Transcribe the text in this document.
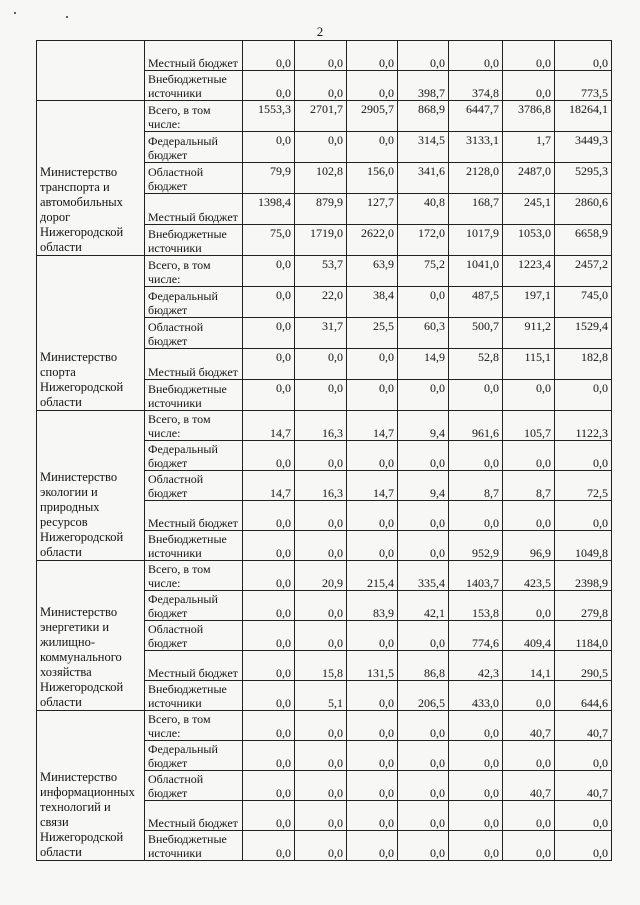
2
	Местный бюджет	0,0	0,0	0,0	0,0	0,0	0,0	0,0
	Внебюджетные источники	0,0	0,0	0,0	398,7	374,8	0,0	773,5
Министерство транспорта и автомобильных дорог Нижегородской области	Всего, в том числе:	1553,3	2701,7	2905,7	868,9	6447,7	3786,8	18264,1
	Федеральный бюджет	0,0	0,0	0,0	314,5	3133,1	1,7	3449,3
	Областной бюджет	79,9	102,8	156,0	341,6	2128,0	2487,0	5295,3
	Местный бюджет	1398,4	879,9	127,7	40,8	168,7	245,1	2860,6
	Внебюджетные источники	75,0	1719,0	2622,0	172,0	1017,9	1053,0	6658,9
Министерство спорта Нижегородской области	Всего, в том числе:	0,0	53,7	63,9	75,2	1041,0	1223,4	2457,2
	Федеральный бюджет	0,0	22,0	38,4	0,0	487,5	197,1	745,0
	Областной бюджет	0,0	31,7	25,5	60,3	500,7	911,2	1529,4
	Местный бюджет	0,0	0,0	0,0	14,9	52,8	115,1	182,8
	Внебюджетные источники	0,0	0,0	0,0	0,0	0,0	0,0	0,0
Министерство экологии и природных ресурсов Нижегородской области	Всего, в том числе:	14,7	16,3	14,7	9,4	961,6	105,7	1122,3
	Федеральный бюджет	0,0	0,0	0,0	0,0	0,0	0,0	0,0
	Областной бюджет	14,7	16,3	14,7	9,4	8,7	8,7	72,5
	Местный бюджет	0,0	0,0	0,0	0,0	0,0	0,0	0,0
	Внебюджетные источники	0,0	0,0	0,0	0,0	952,9	96,9	1049,8
Министерство энергетики и жилищно-коммунального хозяйства Нижегородской области	Всего, в том числе:	0,0	20,9	215,4	335,4	1403,7	423,5	2398,9
	Федеральный бюджет	0,0	0,0	83,9	42,1	153,8	0,0	279,8
	Областной бюджет	0,0	0,0	0,0	0,0	774,6	409,4	1184,0
	Местный бюджет	0,0	15,8	131,5	86,8	42,3	14,1	290,5
	Внебюджетные источники	0,0	5,1	0,0	206,5	433,0	0,0	644,6
Министерство информационных технологий и связи Нижегородской области	Всего, в том числе:	0,0	0,0	0,0	0,0	0,0	40,7	40,7
	Федеральный бюджет	0,0	0,0	0,0	0,0	0,0	0,0	0,0
	Областной бюджет	0,0	0,0	0,0	0,0	0,0	40,7	40,7
	Местный бюджет	0,0	0,0	0,0	0,0	0,0	0,0	0,0
	Внебюджетные источники	0,0	0,0	0,0	0,0	0,0	0,0	0,0
